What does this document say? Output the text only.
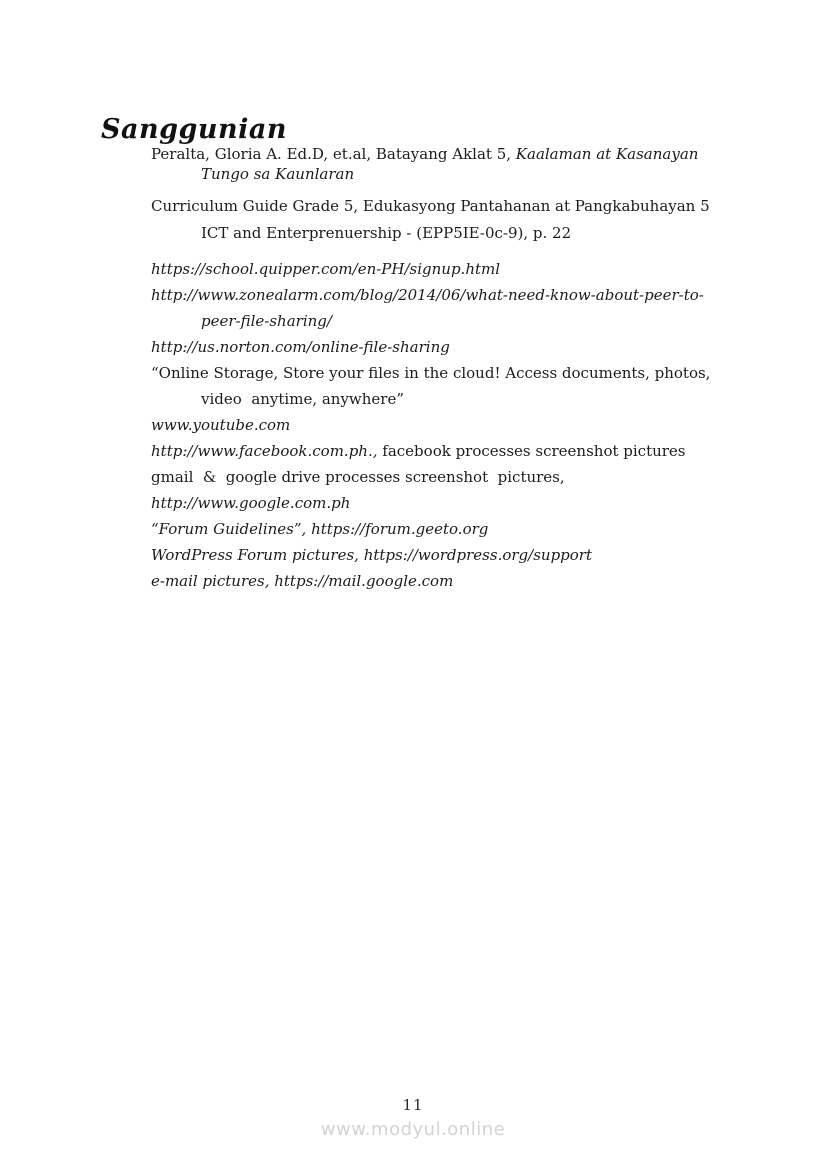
Sanggunian
Peralta, Gloria A. Ed.D, et.al, Batayang Aklat 5, Kaalaman at Kasanayan
Tungo sa Kaunlaran
Curriculum Guide Grade 5, Edukasyong Pantahanan at Pangkabuhayan 5
ICT and Enterprenuership - (EPP5IE-0c-9), p. 22
https://school.quipper.com/en-PH/signup.html
http://www.zonealarm.com/blog/2014/06/what-need-know-about-peer-to-
peer-file-sharing/
http://us.norton.com/online-file-sharing
“Online Storage, Store your files in the cloud! Access documents, photos,
video  anytime, anywhere”
www.youtube.com
http://www.facebook.com.ph., facebook processes screenshot pictures
gmail  &  google drive processes screenshot  pictures,
http://www.google.com.ph
“Forum Guidelines”, https://forum.geeto.org
WordPress Forum pictures, https://wordpress.org/support
e-mail pictures, https://mail.google.com
11
www.modyul.online
